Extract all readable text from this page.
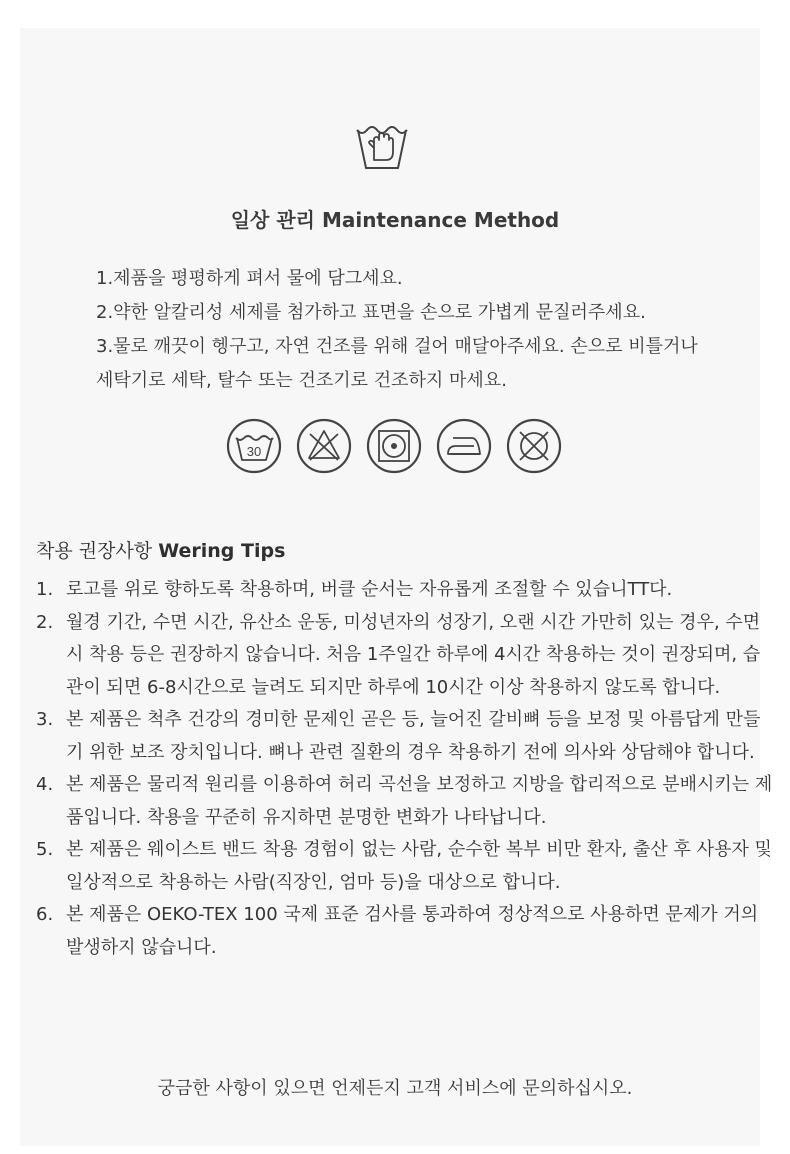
일상 관리 Maintenance Method
1.제품을 평평하게 펴서 물에 담그세요.
2.약한 알칼리성 세제를 첨가하고 표면을 손으로 가볍게 문질러주세요.
3.물로 깨끗이 헹구고, 자연 건조를 위해 걸어 매달아주세요. 손으로 비틀거나
세탁기로 세탁, 탈수 또는 건조기로 건조하지 마세요.
30
착용 권장사항 Wering Tips
1. 로고를 위로 향하도록 착용하며, 버클 순서는 자유롭게 조절할 수 있습니TT다.
2. 월경 기간, 수면 시간, 유산소 운동, 미성년자의 성장기, 오랜 시간 가만히 있는 경우, 수면 시 착용 등은 권장하지 않습니다. 처음 1주일간 하루에 4시간 착용하는 것이 권장되며, 습관이 되면 6-8시간으로 늘려도 되지만 하루에 10시간 이상 착용하지 않도록 합니다.
3. 본 제품은 척추 건강의 경미한 문제인 곧은 등, 늘어진 갈비뼈 등을 보정 및 아름답게 만들기 위한 보조 장치입니다. 뼈나 관련 질환의 경우 착용하기 전에 의사와 상담해야 합니다.
4. 본 제품은 물리적 원리를 이용하여 허리 곡선을 보정하고 지방을 합리적으로 분배시키는 제품입니다. 착용을 꾸준히 유지하면 분명한 변화가 나타납니다.
5. 본 제품은 웨이스트 밴드 착용 경험이 없는 사람, 순수한 복부 비만 환자, 출산 후 사용자 및 일상적으로 착용하는 사람(직장인, 엄마 등)을 대상으로 합니다.
6. 본 제품은 OEKO-TEX 100 국제 표준 검사를 통과하여 정상적으로 사용하면 문제가 거의 발생하지 않습니다.
궁금한 사항이 있으면 언제든지 고객 서비스에 문의하십시오.
